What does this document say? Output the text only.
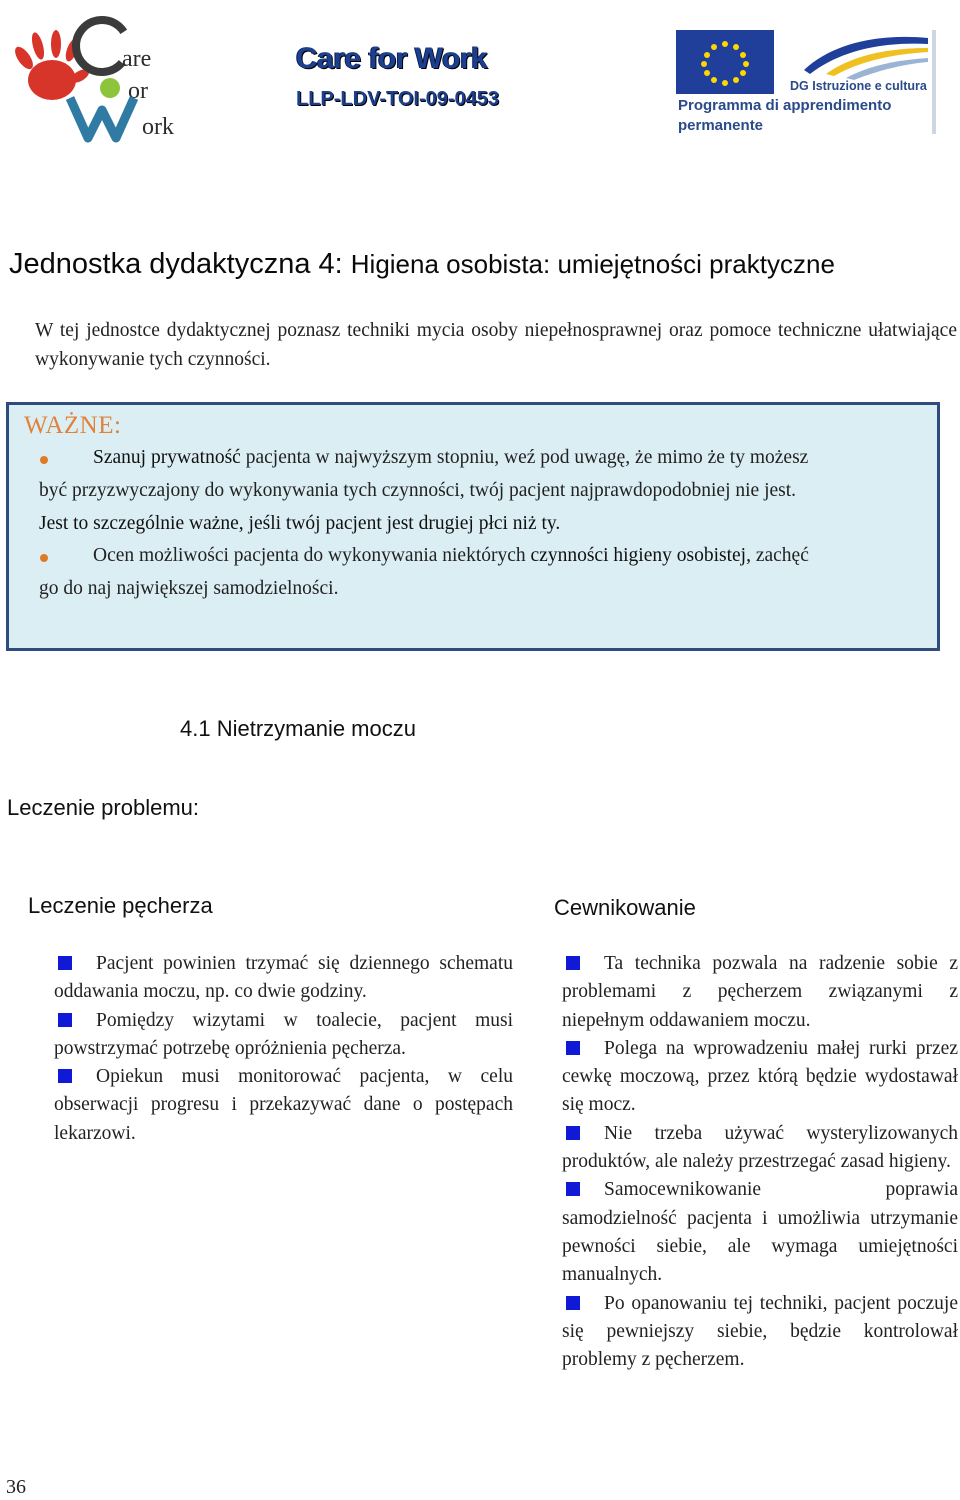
are
or
ork
Care for Work
LLP-LDV-TOI-09-0453
DG Istruzione e cultura
Programma di apprendimento
permanente
Jednostka dydaktyczna 4: Higiena osobista: umiejętności praktyczne
W tej jednostce dydaktycznej poznasz techniki mycia osoby niepełnosprawnej oraz pomoce techniczne ułatwiające wykonywanie tych czynności.
WAŻNE:
Szanuj prywatność pacjenta w najwyższym stopniu, weź pod uwagę, że mimo że ty możesz
być przyzwyczajony do wykonywania tych czynności, twój pacjent najprawdopodobniej nie jest.
Jest to szczególnie ważne, jeśli twój pacjent jest drugiej płci niż ty.
Ocen możliwości pacjenta do wykonywania niektórych czynności higieny osobistej, zachęć
go do naj największej samodzielności.
4.1 Nietrzymanie moczu
Leczenie problemu:
Leczenie pęcherza

Pacjent powinien trzymać się dziennego schematu oddawania moczu, np. co dwie godziny.

Pomiędzy wizytami w toalecie, pacjent musi powstrzymać potrzebę opróżnienia pęcherza.

Opiekun musi monitorować pacjenta, w celu obserwacji progresu i przekazywać dane o postępach lekarzowi.

Cewnikowanie

Ta technika pozwala na radzenie sobie z problemami z pęcherzem związanymi z niepełnym oddawaniem moczu.

Polega na wprowadzeniu małej rurki przez cewkę moczową, przez którą będzie wydostawał się mocz.

Nie trzeba używać wysterylizowanych produktów, ale należy przestrzegać zasad higieny.

Samocewnikowanie poprawia samodzielność pacjenta i umożliwia utrzymanie pewności siebie, ale wymaga umiejętności manualnych.

Po opanowaniu tej techniki, pacjent poczuje się pewniejszy siebie, będzie kontrolował problemy z pęcherzem.

36
